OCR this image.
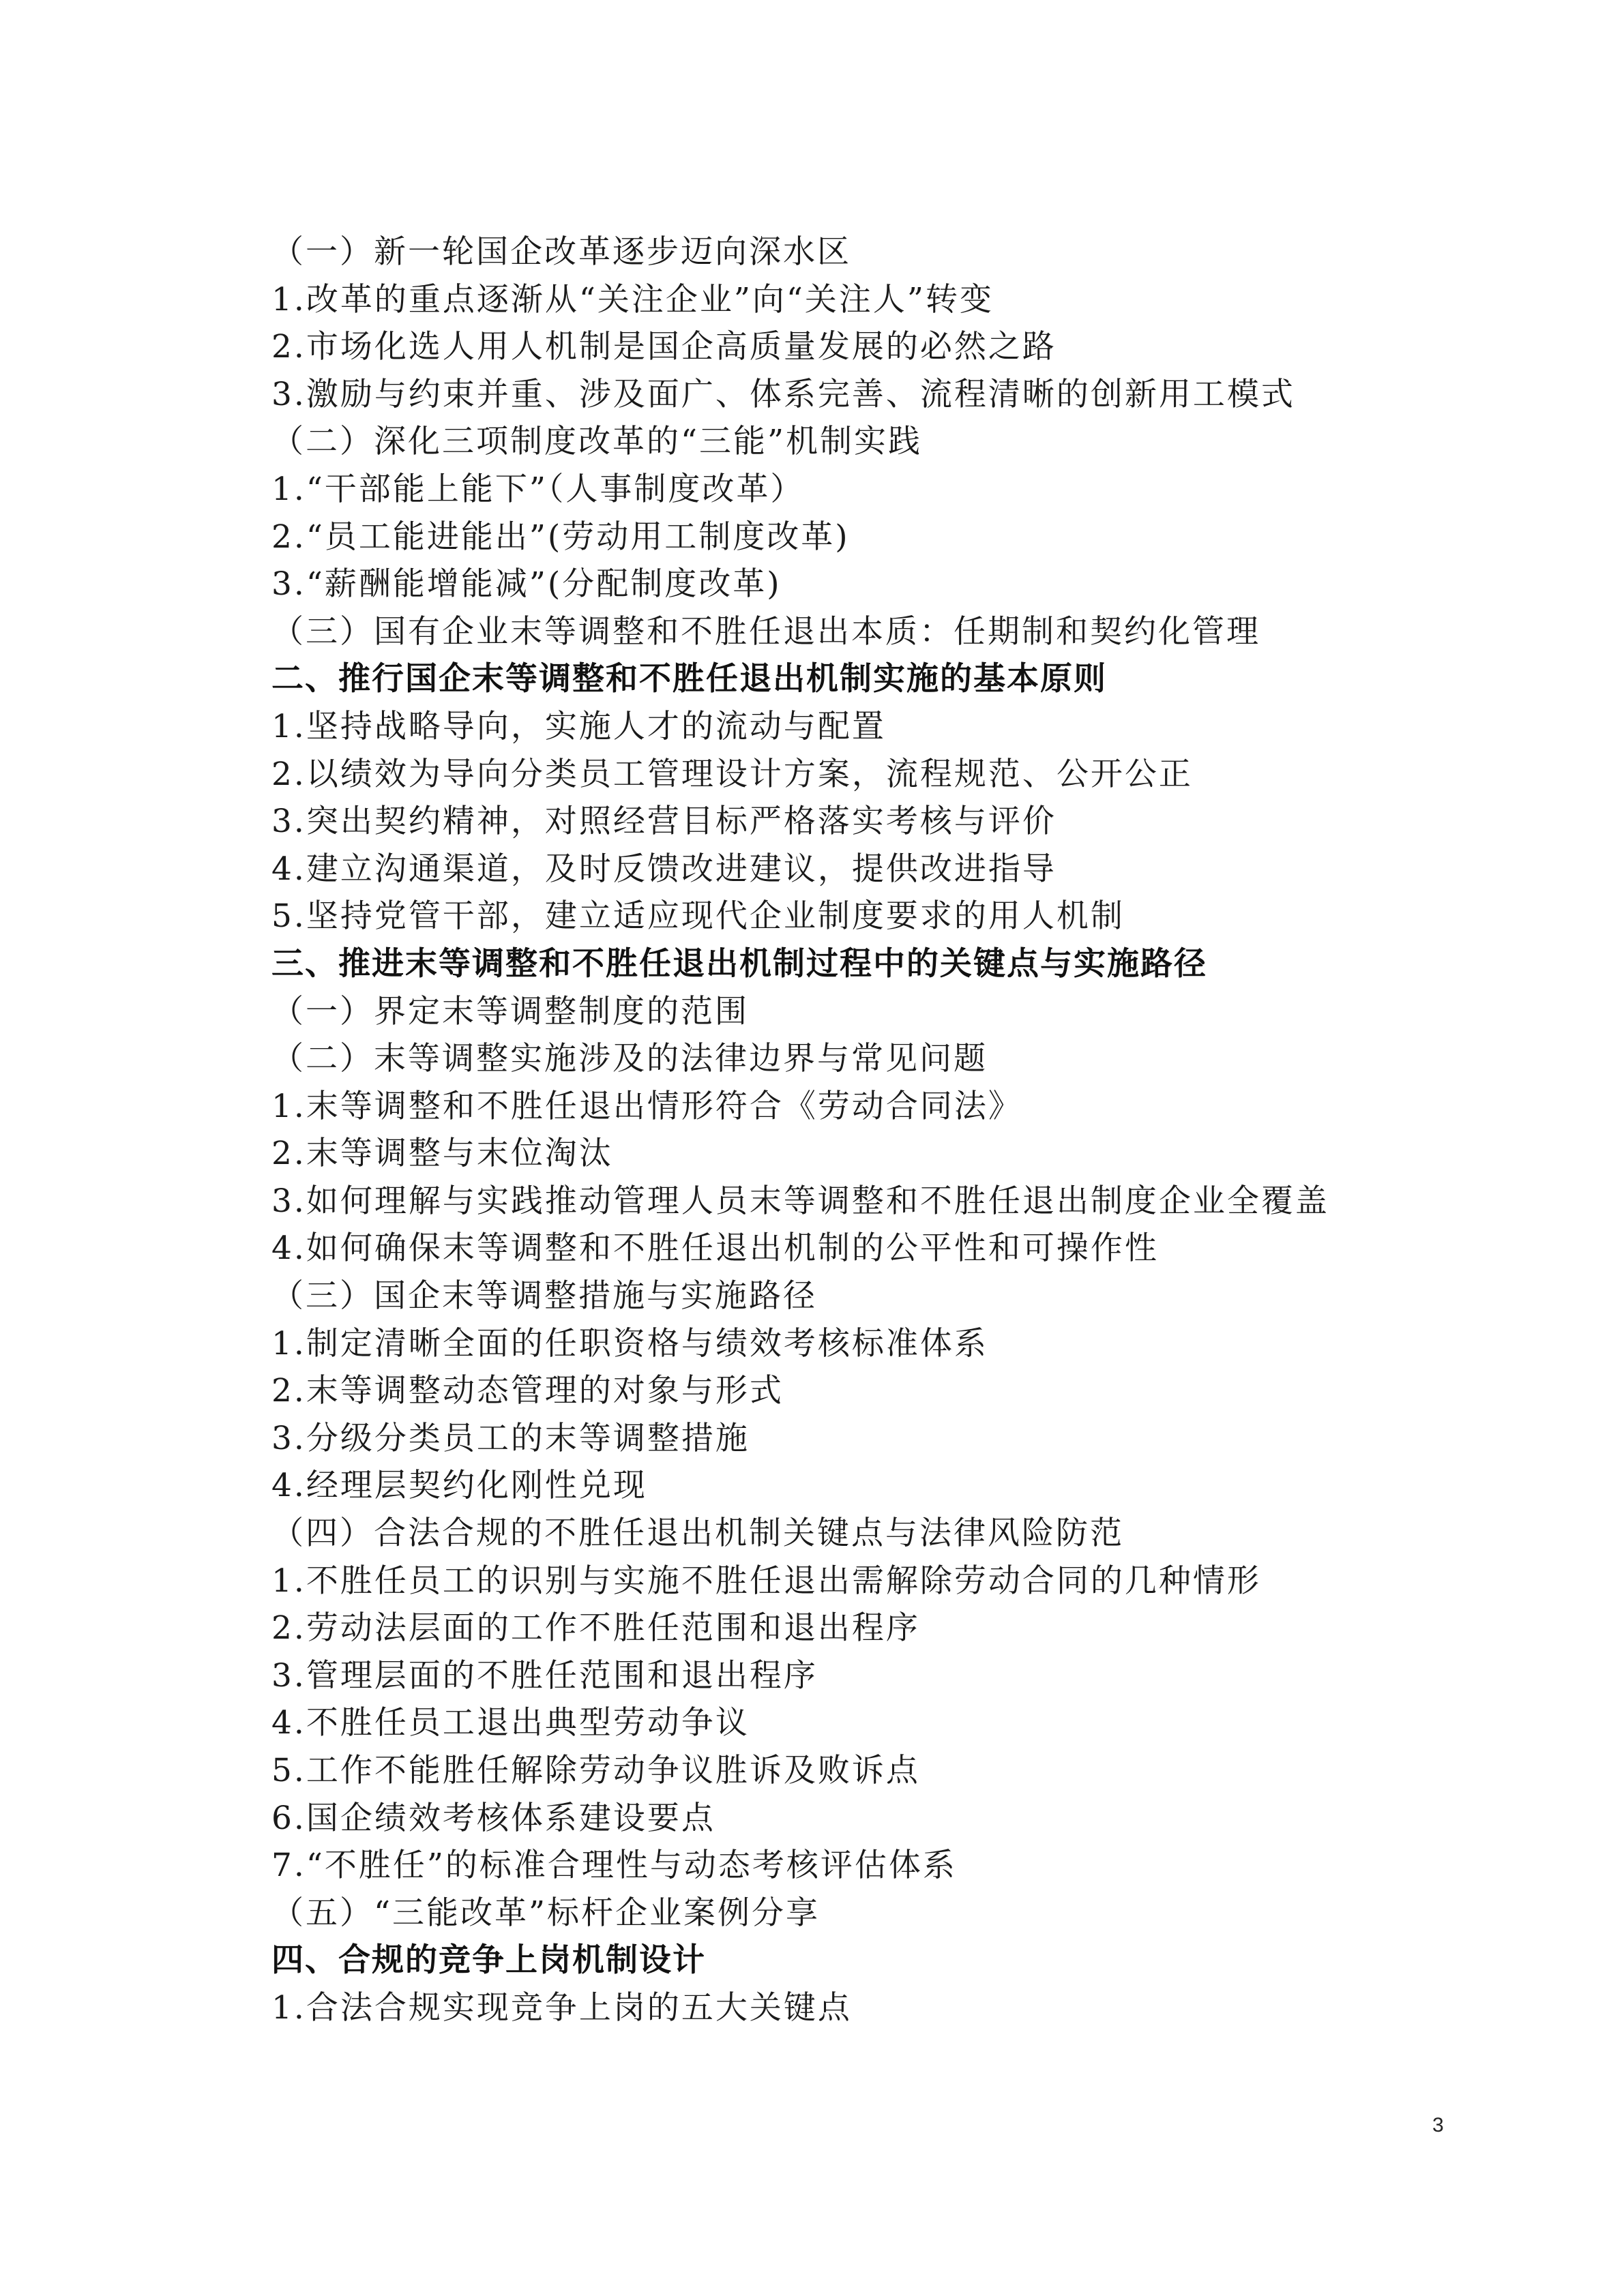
（一）新一轮国企改革逐步迈向深水区
1.改革的重点逐渐从“关注企业”向“关注人”转变
2.市场化选人用人机制是国企高质量发展的必然之路
3.激励与约束并重、涉及面广、体系完善、流程清晰的创新用工模式
（二）深化三项制度改革的“三能”机制实践
1.“干部能上能下”（人事制度改革）
2.“员工能进能出”(劳动用工制度改革)
3.“薪酬能增能减”(分配制度改革)
（三）国有企业末等调整和不胜任退出本质：任期制和契约化管理
二、推行国企末等调整和不胜任退出机制实施的基本原则
1.坚持战略导向，实施人才的流动与配置
2.以绩效为导向分类员工管理设计方案，流程规范、公开公正
3.突出契约精神，对照经营目标严格落实考核与评价
4.建立沟通渠道，及时反馈改进建议，提供改进指导
5.坚持党管干部，建立适应现代企业制度要求的用人机制
三、推进末等调整和不胜任退出机制过程中的关键点与实施路径
（一）界定末等调整制度的范围
（二）末等调整实施涉及的法律边界与常见问题
1.末等调整和不胜任退出情形符合《劳动合同法》
2.末等调整与末位淘汰
3.如何理解与实践推动管理人员末等调整和不胜任退出制度企业全覆盖
4.如何确保末等调整和不胜任退出机制的公平性和可操作性
（三）国企末等调整措施与实施路径
1.制定清晰全面的任职资格与绩效考核标准体系
2.末等调整动态管理的对象与形式
3.分级分类员工的末等调整措施
4.经理层契约化刚性兑现
（四）合法合规的不胜任退出机制关键点与法律风险防范
1.不胜任员工的识别与实施不胜任退出需解除劳动合同的几种情形
2.劳动法层面的工作不胜任范围和退出程序
3.管理层面的不胜任范围和退出程序
4.不胜任员工退出典型劳动争议
5.工作不能胜任解除劳动争议胜诉及败诉点
6.国企绩效考核体系建设要点
7.“不胜任”的标准合理性与动态考核评估体系
（五）“三能改革”标杆企业案例分享
四、合规的竞争上岗机制设计
1.合法合规实现竞争上岗的五大关键点
3
